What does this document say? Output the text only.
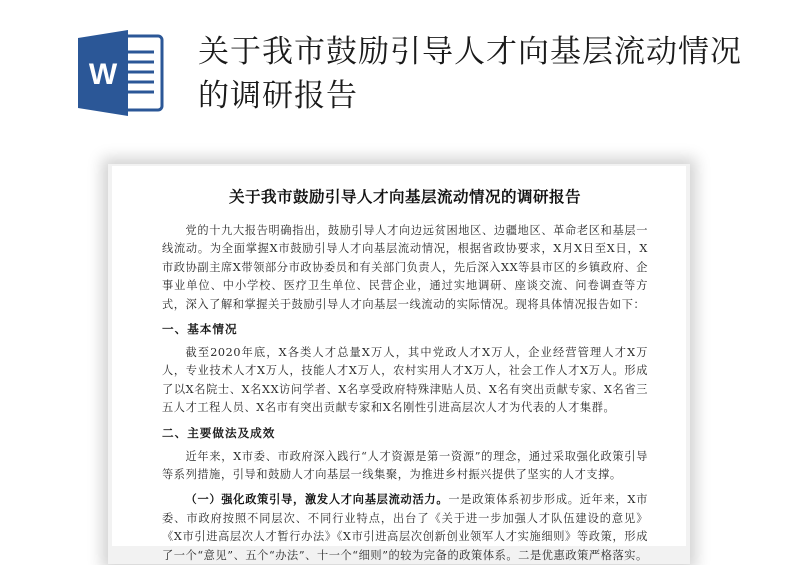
W
关于我市鼓励引导人才向基层流动情况的调研报告
关于我市鼓励引导人才向基层流动情况的调研报告

党的十九大报告明确指出，鼓励引导人才向边远贫困地区、边疆地区、革命老区和基层一线流动。为全面掌握X市鼓励引导人才向基层流动情况，根据省政协要求，X月X日至X日，X市政协副主席X带领部分市政协委员和有关部门负责人，先后深入XX等县市区的乡镇政府、企事业单位、中小学校、医疗卫生单位、民营企业，通过实地调研、座谈交流、问卷调查等方式，深入了解和掌握关于鼓励引导人才向基层一线流动的实际情况。现将具体情况报告如下：

一、基本情况

截至2020年底，X各类人才总量X万人，其中党政人才X万人，企业经营管理人才X万人，专业技术人才X万人，技能人才X万人，农村实用人才X万人，社会工作人才X万人。形成了以X名院士、X名XX访问学者、X名享受政府特殊津贴人员、X名有突出贡献专家、X名省三五人才工程人员、X名市有突出贡献专家和X名刚性引进高层次人才为代表的人才集群。

二、主要做法及成效

近年来，X市委、市政府深入践行“人才资源是第一资源”的理念，通过采取强化政策引导等系列措施，引导和鼓励人才向基层一线集聚，为推进乡村振兴提供了坚实的人才支撑。

（一）强化政策引导，激发人才向基层流动活力。一是政策体系初步形成。近年来，X市委、市政府按照不同层次、不同行业特点，出台了《关于进一步加强人才队伍建设的意见》《X市引进高层次人才暂行办法》《X市引进高层次创新创业领军人才实施细则》等政策，形成了一个“意见”、五个“办法”、十一个“细则”的较为完备的政策体系。二是优惠政策严格落实。
